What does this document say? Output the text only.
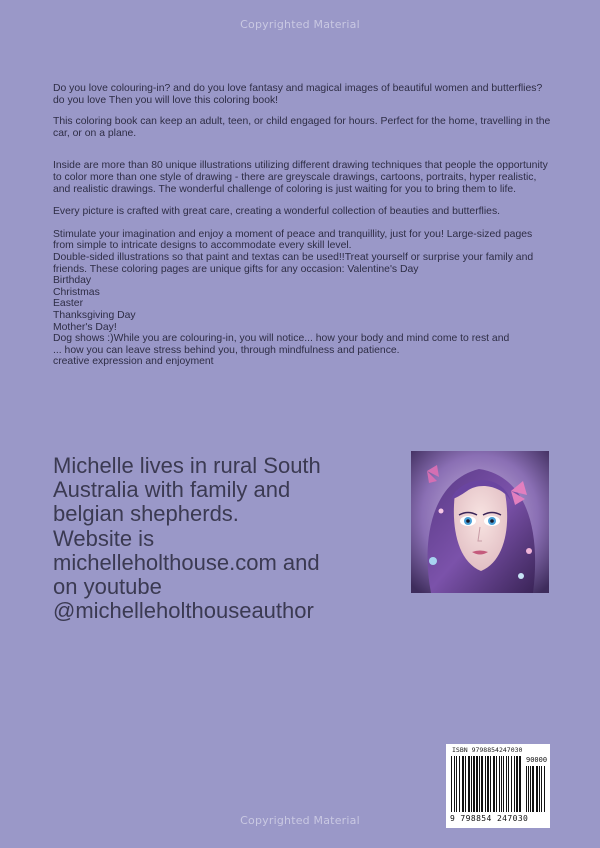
Copyrighted Material

Do you love colouring-in? and do you love fantasy and magical images of beautiful women and butterflies? do you love Then you will love this coloring book!

This coloring book can keep an adult, teen, or child engaged for hours. Perfect for the home, travelling in the car, or on a plane.

Inside are more than 80 unique illustrations utilizing different drawing techniques that people the opportunity to color more than one style of drawing - there are greyscale drawings, cartoons, portraits, hyper realistic, and realistic drawings. The wonderful challenge of coloring is just waiting for you to bring them to life.

Every picture is crafted with great care, creating a wonderful collection of beauties and butterflies.

Stimulate your imagination and enjoy a moment of peace and tranquillity, just for you! Large-sized pages from simple to intricate designs to accommodate every skill level.

Double-sided illustrations so that paint and textas can be used!!Treat yourself or surprise your family and friends. These coloring pages are unique gifts for any occasion: Valentine's Day

Birthday

Christmas

Easter

Thanksgiving Day

Mother's Day!

Dog shows :)While you are colouring-in, you will notice... how your body and mind come to rest and

... how you can leave stress behind you, through mindfulness and patience.

creative expression and enjoyment

Michelle lives in rural South
Australia with family and
belgian shepherds.
Website is
michelleholthouse.com and
on youtube
@michelleholthouseauthor
ISBN 9798854247030
90000
9 798854 247030
Copyrighted Material
